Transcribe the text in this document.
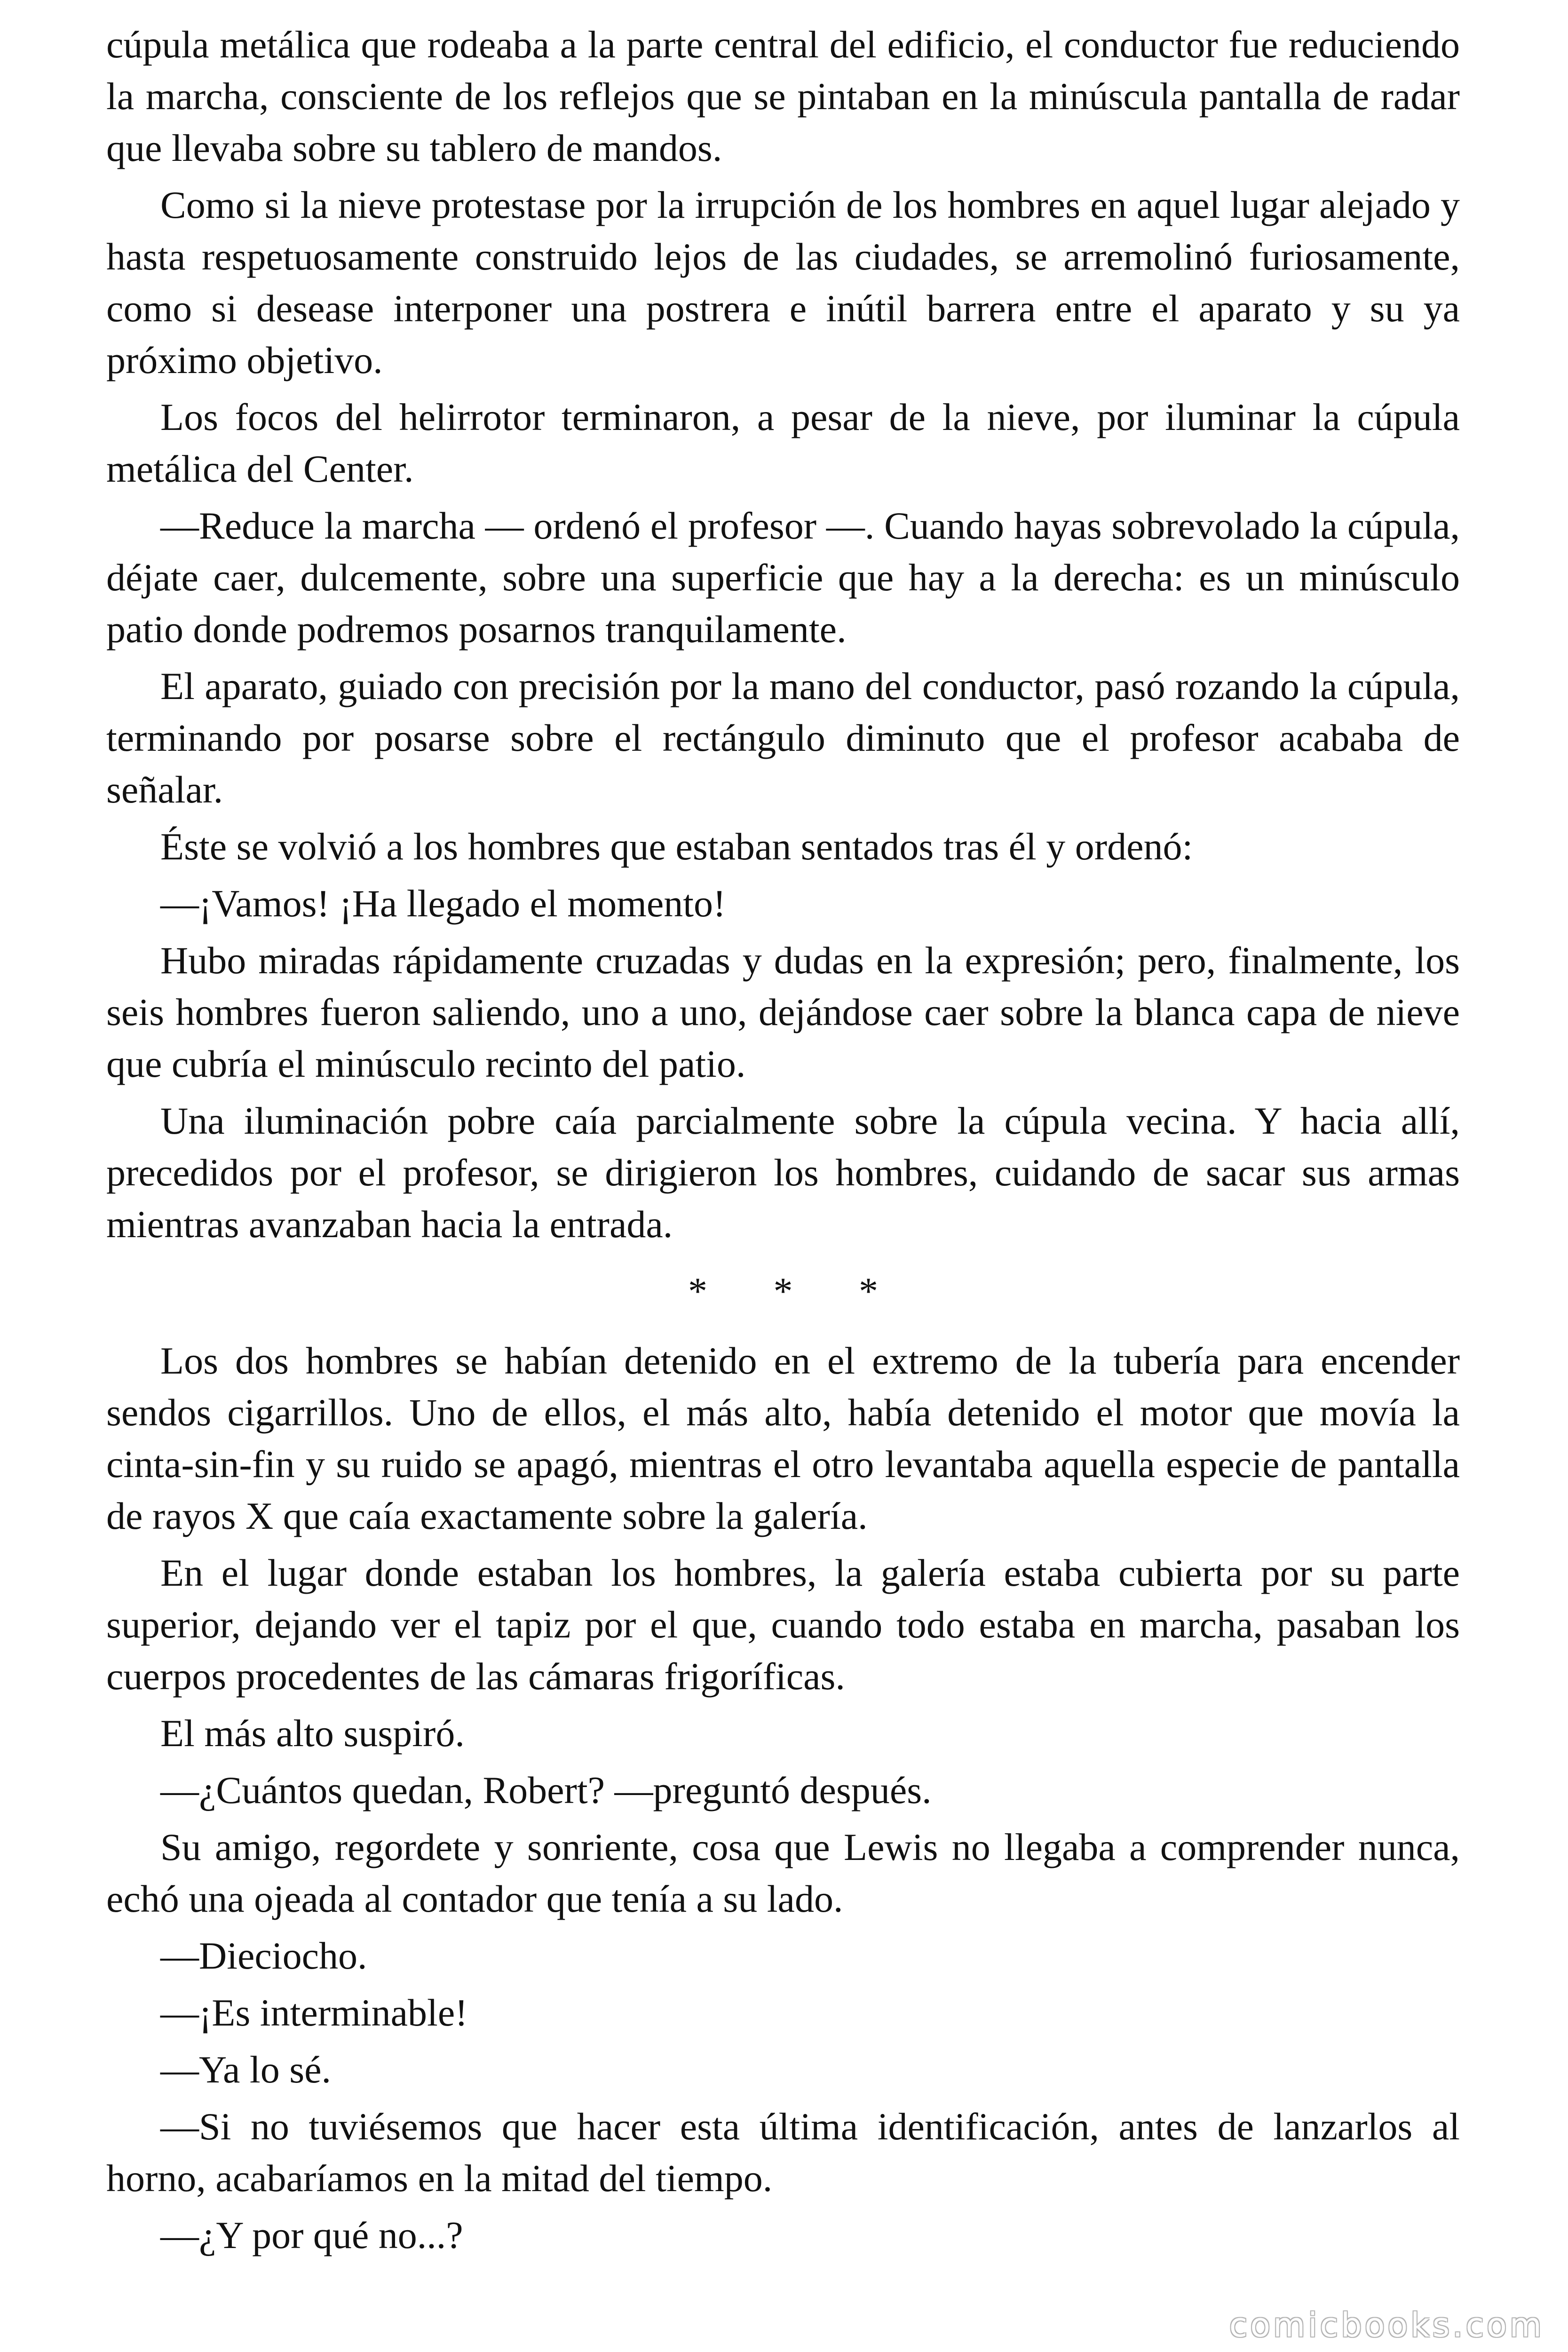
cúpula metálica que rodeaba a la parte central del edificio, el conductor fue reduciendo la marcha, consciente de los reflejos que se pintaban en la minúscula pantalla de radar que llevaba sobre su tablero de mandos.

Como si la nieve protestase por la irrupción de los hombres en aquel lugar alejado y hasta respetuosamente construido lejos de las ciudades, se arremolinó furiosamente, como si desease interponer una postrera e inútil barrera entre el aparato y su ya próximo objetivo.

Los focos del helirrotor terminaron, a pesar de la nieve, por iluminar la cúpula metálica del Center.

—Reduce la marcha — ordenó el profesor —. Cuando hayas sobrevolado la cúpula, déjate caer, dulcemente, sobre una superficie que hay a la derecha: es un minúsculo patio donde podremos posarnos tranquilamente.

El aparato, guiado con precisión por la mano del conductor, pasó rozando la cúpula, terminando por posarse sobre el rectángulo diminuto que el profesor acababa de señalar.

Éste se volvió a los hombres que estaban sentados tras él y ordenó:

—¡Vamos! ¡Ha llegado el momento!

Hubo miradas rápidamente cruzadas y dudas en la expresión; pero, finalmente, los seis hombres fueron saliendo, uno a uno, dejándose caer sobre la blanca capa de nieve que cubría el minúsculo recinto del patio.

Una iluminación pobre caía parcialmente sobre la cúpula vecina. Y hacia allí, precedidos por el profesor, se dirigieron los hombres, cuidando de sacar sus armas mientras avanzaban hacia la entrada.

* * *

Los dos hombres se habían detenido en el extremo de la tubería para encender sendos cigarrillos. Uno de ellos, el más alto, había detenido el motor que movía la cinta-sin-fin y su ruido se apagó, mientras el otro levantaba aquella especie de pantalla de rayos X que caía exactamente sobre la galería.

En el lugar donde estaban los hombres, la galería estaba cubierta por su parte superior, dejando ver el tapiz por el que, cuando todo estaba en marcha, pasaban los cuerpos procedentes de las cámaras frigoríficas.

El más alto suspiró.

—¿Cuántos quedan, Robert? —preguntó después.

Su amigo, regordete y sonriente, cosa que Lewis no llegaba a comprender nunca, echó una ojeada al contador que tenía a su lado.

—Dieciocho.

—¡Es interminable!

—Ya lo sé.

—Si no tuviésemos que hacer esta última identificación, antes de lanzarlos al horno, acabaríamos en la mitad del tiempo.

—¿Y por qué no...?

comicbooks.com
